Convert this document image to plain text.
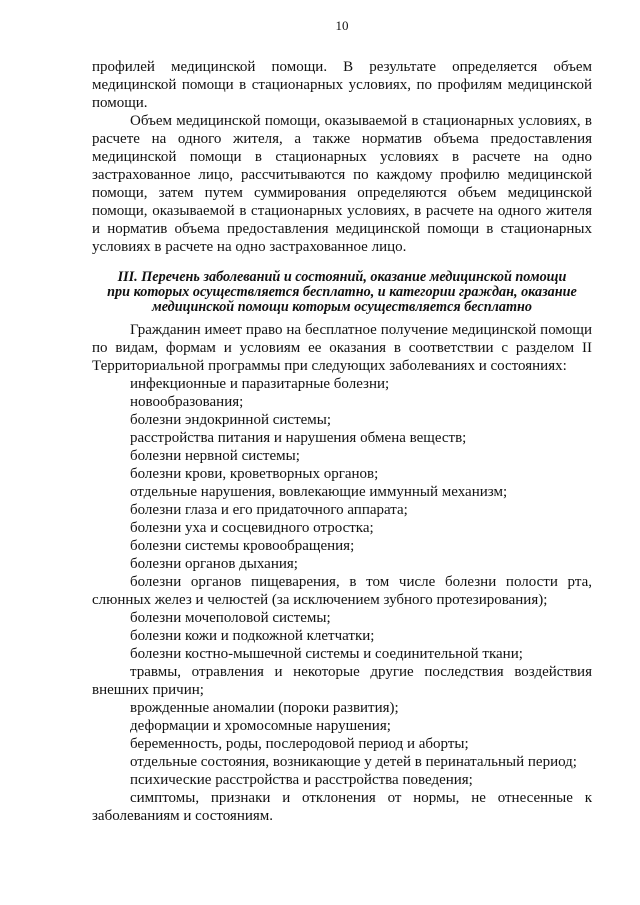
10

профилей медицинской помощи. В результате определяется объем медицинской помощи в стационарных условиях, по профилям медицинской помощи.

Объем медицинской помощи, оказываемой в стационарных условиях, в расчете на одного жителя, а также норматив объема предоставления медицинской помощи в стационарных условиях в расчете на одно застрахованное лицо, рассчитываются по каждому профилю медицинской помощи, затем путем суммирования определяются объем медицинской помощи, оказываемой в стационарных условиях, в расчете на одного жителя и норматив объема предоставления медицинской помощи в стационарных условиях в расчете на одно застрахованное лицо.

III. Перечень заболеваний и состояний, оказание медицинской помощи
при которых осуществляется бесплатно, и категории граждан, оказание
медицинской помощи которым осуществляется бесплатно

Гражданин имеет право на бесплатное получение медицинской помощи по видам, формам и условиям ее оказания в соответствии с разделом II Территориальной программы при следующих заболеваниях и состояниях:

инфекционные и паразитарные болезни;

новообразования;

болезни эндокринной системы;

расстройства питания и нарушения обмена веществ;

болезни нервной системы;

болезни крови, кроветворных органов;

отдельные нарушения, вовлекающие иммунный механизм;

болезни глаза и его придаточного аппарата;

болезни уха и сосцевидного отростка;

болезни системы кровообращения;

болезни органов дыхания;

болезни органов пищеварения, в том числе болезни полости рта, слюнных желез и челюстей (за исключением зубного протезирования);

болезни мочеполовой системы;

болезни кожи и подкожной клетчатки;

болезни костно-мышечной системы и соединительной ткани;

травмы, отравления и некоторые другие последствия воздействия внешних причин;

врожденные аномалии (пороки развития);

деформации и хромосомные нарушения;

беременность, роды, послеродовой период и аборты;

отдельные состояния, возникающие у детей в перинатальный период;

психические расстройства и расстройства поведения;

симптомы, признаки и отклонения от нормы, не отнесенные к заболеваниям и состояниям.
